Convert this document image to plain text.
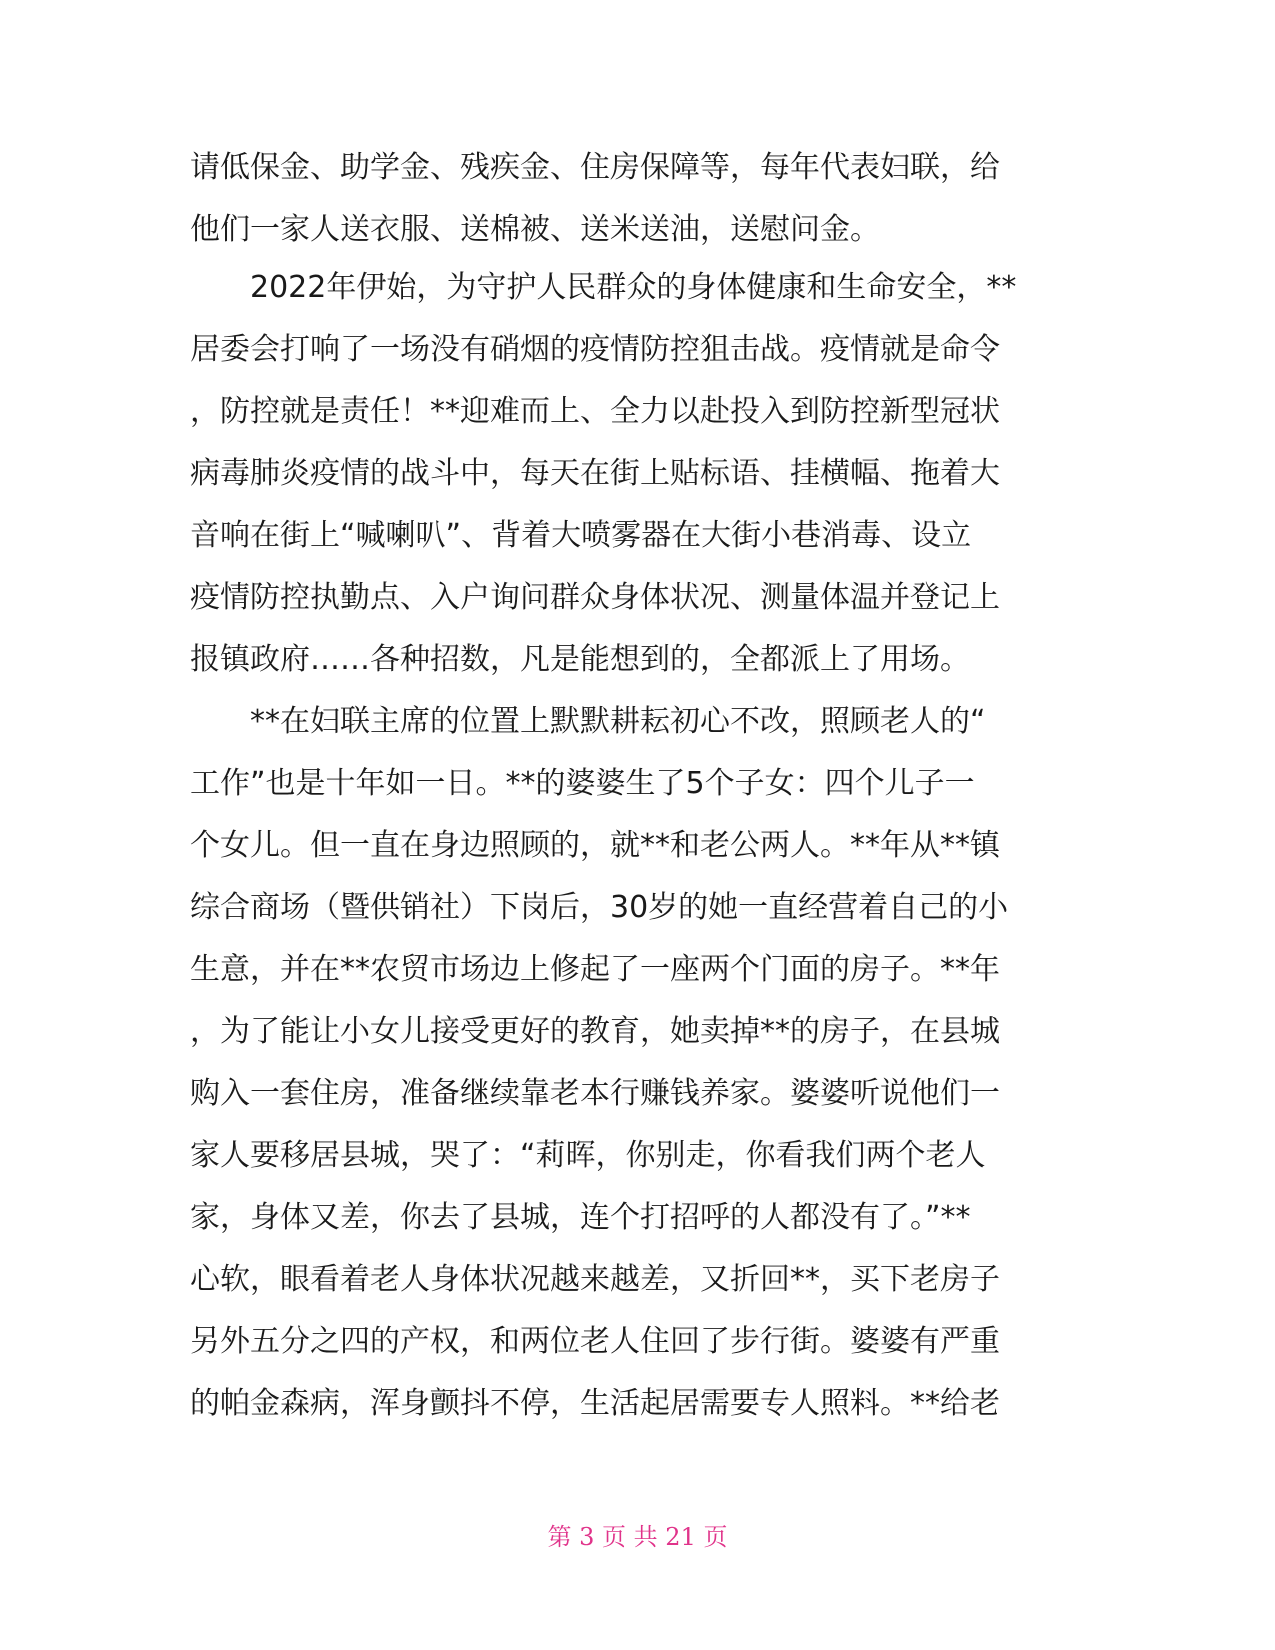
请低保金、助学金、残疾金、住房保障等，每年代表妇联，给
他们一家人送衣服、送棉被、送米送油，送慰问金。
　　2022年伊始，为守护人民群众的身体健康和生命安全，**
居委会打响了一场没有硝烟的疫情防控狙击战。疫情就是命令
，防控就是责任！**迎难而上、全力以赴投入到防控新型冠状
病毒肺炎疫情的战斗中，每天在街上贴标语、挂横幅、拖着大
音响在街上“喊喇叭”、背着大喷雾器在大街小巷消毒、设立
疫情防控执勤点、入户询问群众身体状况、测量体温并登记上
报镇政府……各种招数，凡是能想到的，全都派上了用场。
　　**在妇联主席的位置上默默耕耘初心不改，照顾老人的“
工作”也是十年如一日。**的婆婆生了5个子女：四个儿子一
个女儿。但一直在身边照顾的，就**和老公两人。**年从**镇
综合商场（暨供销社）下岗后，30岁的她一直经营着自己的小
生意，并在**农贸市场边上修起了一座两个门面的房子。**年
，为了能让小女儿接受更好的教育，她卖掉**的房子，在县城
购入一套住房，准备继续靠老本行赚钱养家。婆婆听说他们一
家人要移居县城，哭了：“莉晖，你别走，你看我们两个老人
家，身体又差，你去了县城，连个打招呼的人都没有了。”**
心软，眼看着老人身体状况越来越差，又折回**，买下老房子
另外五分之四的产权，和两位老人住回了步行街。婆婆有严重
的帕金森病，浑身颤抖不停，生活起居需要专人照料。**给老
第 3 页 共 21 页
